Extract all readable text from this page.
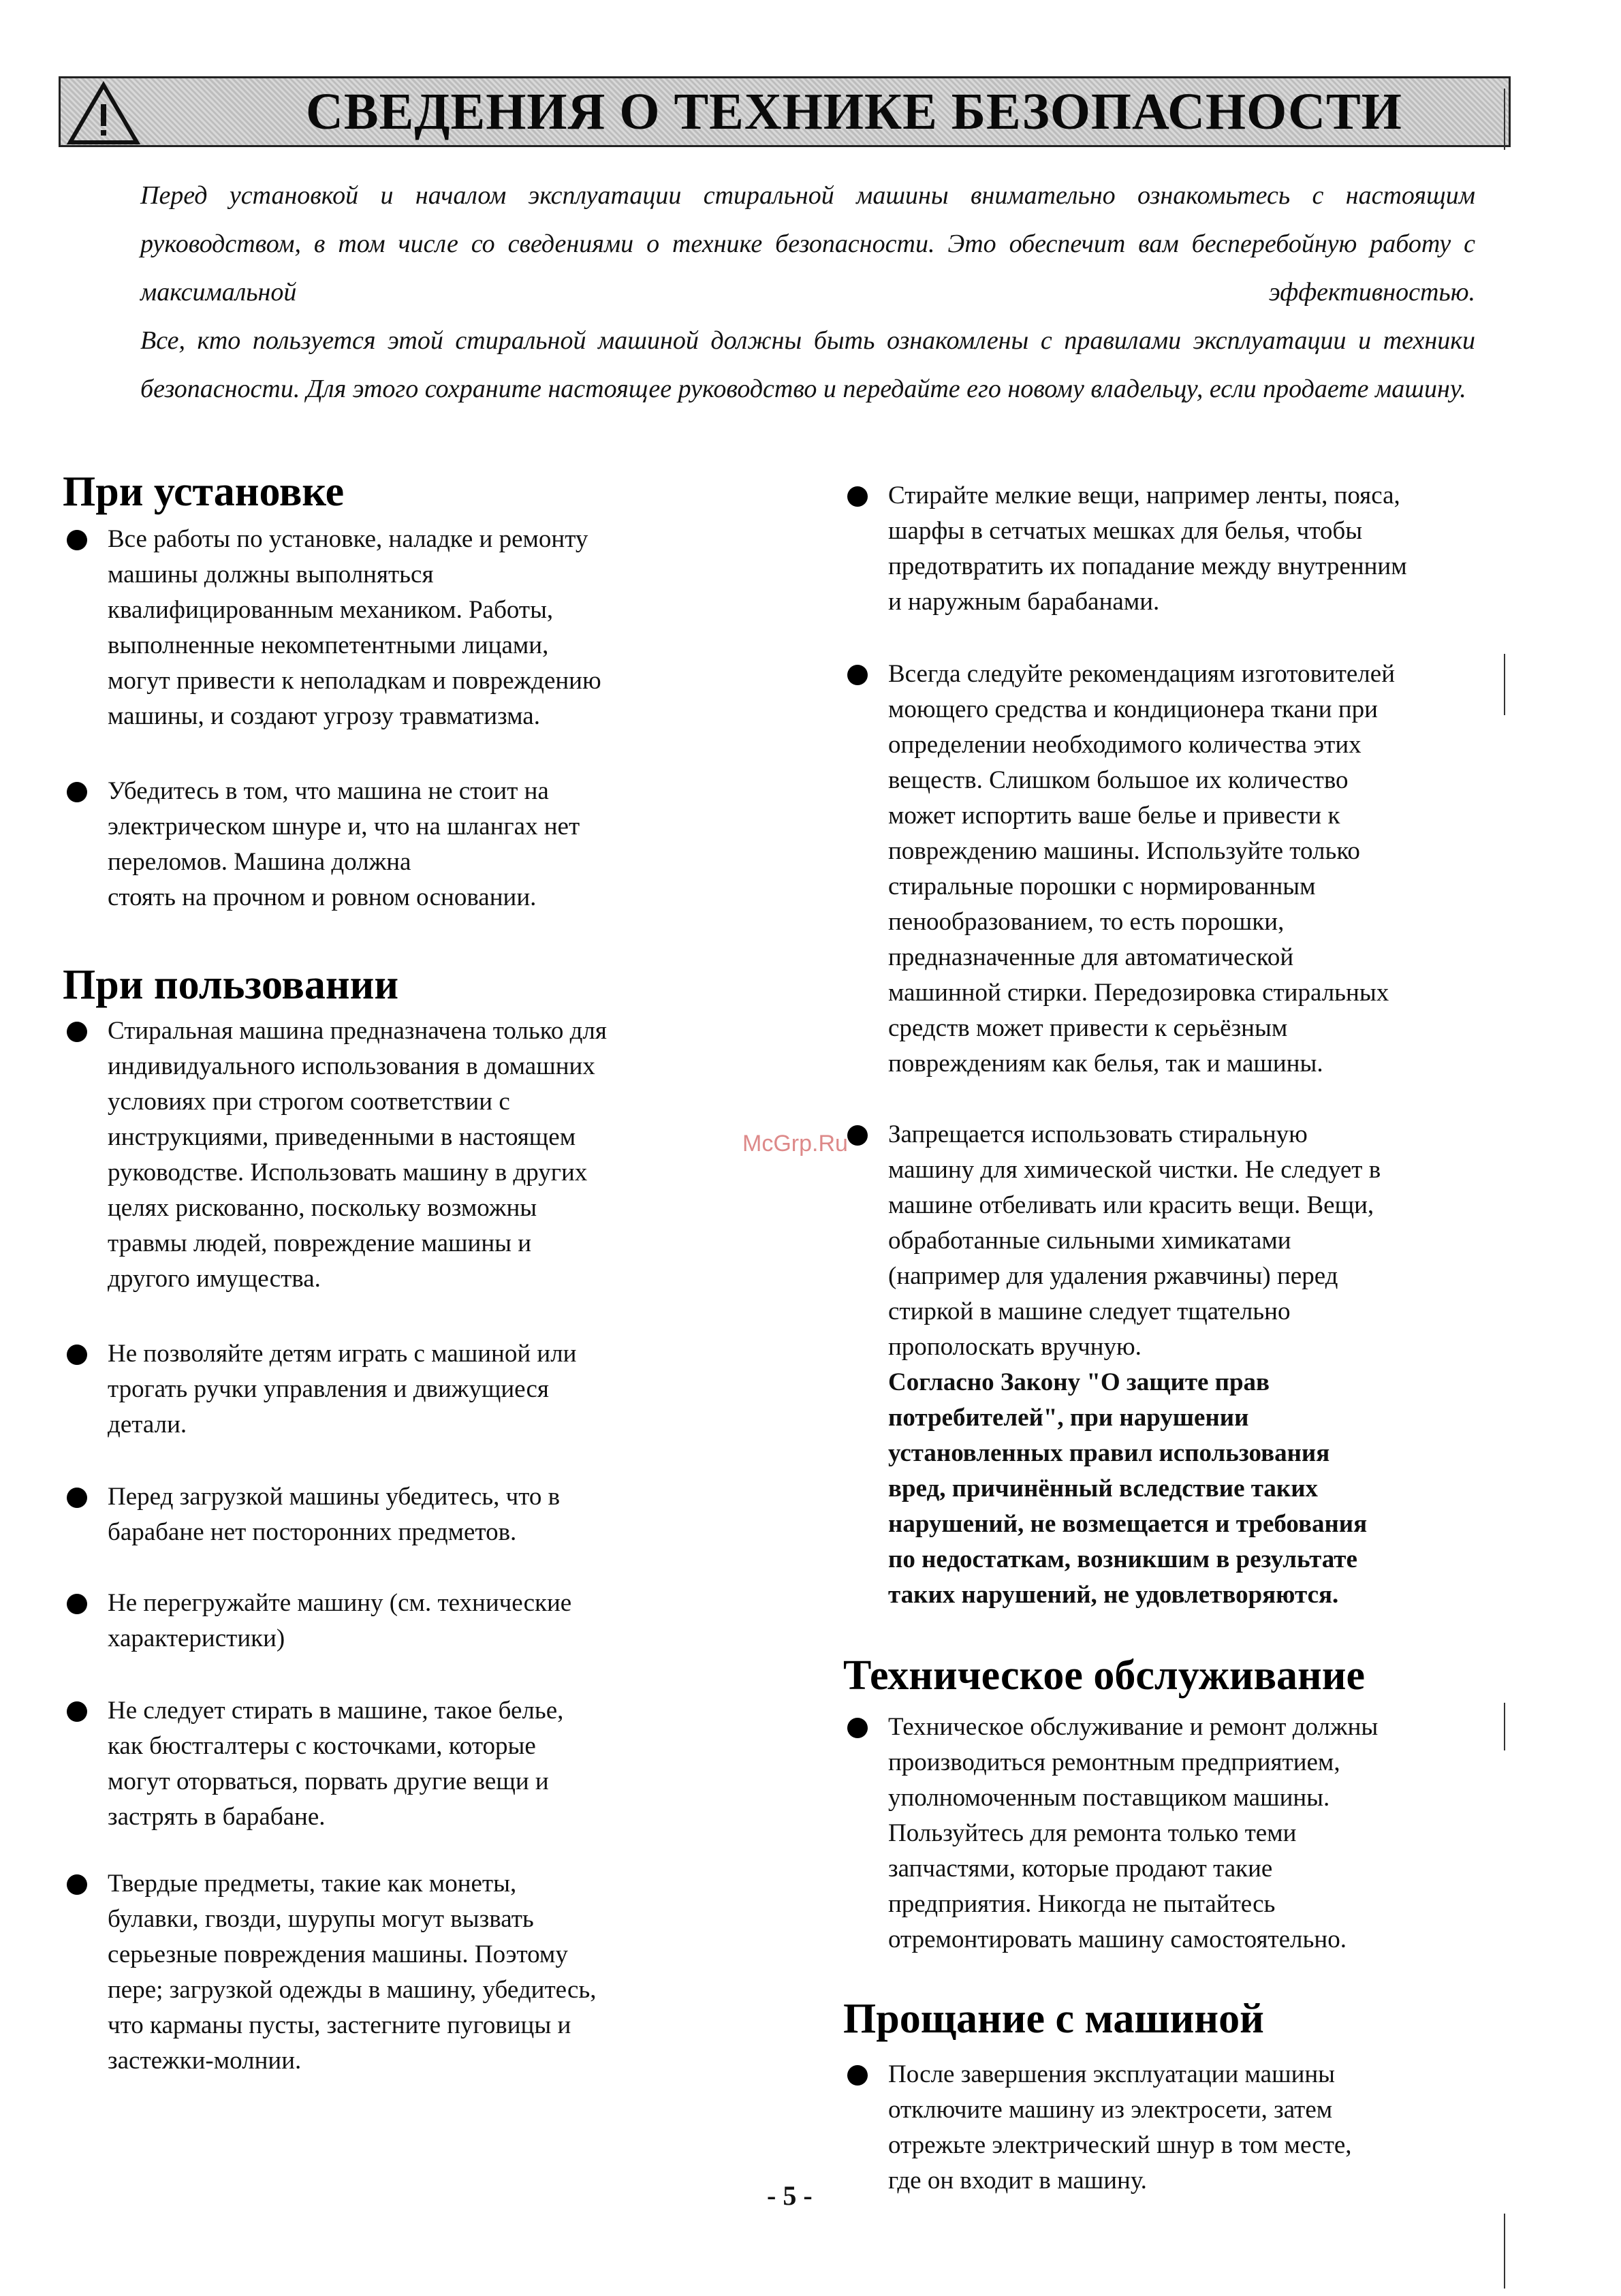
СВЕДЕНИЯ О ТЕХНИКЕ БЕЗОПАСНОСТИ

Перед установкой и началом эксплуатации стиральной машины внимательно ознакомьтесь с настоящим руководством, в том числе со сведениями о технике безопасности. Это обеспечит вам бесперебойную работу с максимальной эффективностью.

Все, кто пользуется этой стиральной машиной должны быть ознакомлены с правилами эксплуатации и техники безопасности. Для этого сохраните настоящее руководство и передайте его новому владельцу, если продаете машину.

При установке
Все работы по установке, наладке и ремонту
машины должны выполняться
квалифицированным механиком. Работы,
выполненные некомпетентными лицами,
могут привести к неполадкам и повреждению
машины, и создают угрозу травматизма.
Убедитесь в том, что машина не стоит на
электрическом шнуре и, что на шлангах нет
переломов. Машина должна
стоять на прочном и ровном основании.
При пользовании
Стиральная машина предназначена только для
индивидуального использования в домашних
условиях при строгом соответствии с
инструкциями, приведенными в настоящем
руководстве. Использовать машину в других
целях рискованно, поскольку возможны
травмы людей, повреждение машины и
другого имущества.
Не позволяйте детям играть с машиной или
трогать ручки управления и движущиеся
детали.
Перед загрузкой машины убедитесь, что в
барабане нет посторонних предметов.
Не перегружайте машину (см. технические
характеристики)
Не следует стирать в машине, такое белье,
как бюстгалтеры с косточками, которые
могут оторваться, порвать другие вещи и
застрять в барабане.
Твердые предметы, такие как монеты,
булавки, гвозди, шурупы могут вызвать
серьезные повреждения машины. Поэтому
пере; загрузкой одежды в машину, убедитесь,
что карманы пусты, застегните пуговицы и
застежки-молнии.
Стирайте мелкие вещи, например ленты, пояса,
шарфы в сетчатых мешках для белья, чтобы
предотвратить их попадание между внутренним
и наружным барабанами.
Всегда следуйте рекомендациям изготовителей
моющего средства и кондиционера ткани при
определении необходимого количества этих
веществ. Слишком большое их количество
может испортить ваше белье и привести к
повреждению машины. Используйте только
стиральные порошки с нормированным
пенообразованием, то есть порошки,
предназначенные для автоматической
машинной стирки. Передозировка стиральных
средств может привести к серьёзным
повреждениям как белья, так и машины.
Запрещается использовать стиральную
машину для химической чистки. Не следует в
машине отбеливать или красить вещи. Вещи,
обработанные сильными химикатами
(например для удаления ржавчины) перед
стиркой в машине следует тщательно
прополоскать вручную.
Согласно Закону "О защите прав
потребителей", при нарушении
установленных правил использования
вред, причинённый вследствие таких
нарушений, не возмещается и требования
по недостаткам, возникшим в результате
таких нарушений, не удовлетворяются.
Техническое обслуживание
Техническое обслуживание и ремонт должны
производиться ремонтным предприятием,
уполномоченным поставщиком машины.
Пользуйтесь для ремонта только теми
запчастями, которые продают такие
предприятия. Никогда не пытайтесь
отремонтировать машину самостоятельно.
Прощание с машиной
После завершения эксплуатации машины
отключите машину из электросети, затем
отрежьте электрический шнур в том месте,
где он входит в машину.
McGrp.Ru
- 5 -
